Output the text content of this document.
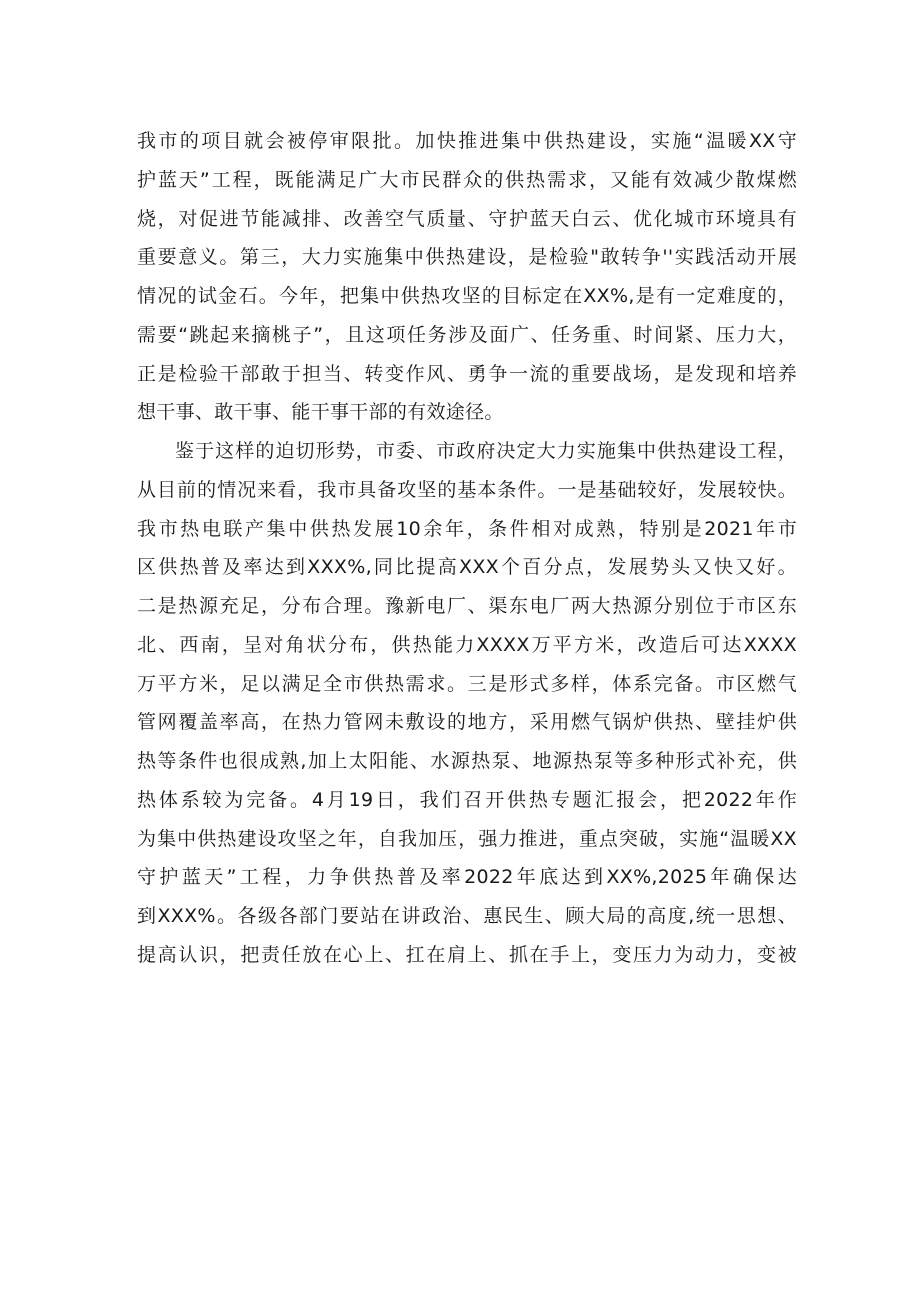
我市的项目就会被停审限批。加快推进集中供热建设，实施“温暖XX守
护蓝天”工程，既能满足广大市民群众的供热需求，又能有效减少散煤燃
烧，对促进节能减排、改善空气质量、守护蓝天白云、优化城市环境具有
重要意义。第三，大力实施集中供热建设，是检验"敢转争''实践活动开展
情况的试金石。今年，把集中供热攻坚的目标定在XX%,是有一定难度的，
需要“跳起来摘桃子”，且这项任务涉及面广、任务重、时间紧、压力大，
正是检验干部敢于担当、转变作风、勇争一流的重要战场，是发现和培养
想干事、敢干事、能干事干部的有效途径。
鉴于这样的迫切形势，市委、市政府决定大力实施集中供热建设工程，
从目前的情况来看，我市具备攻坚的基本条件。一是基础较好，发展较快。
我市热电联产集中供热发展10余年，条件相对成熟，特别是2021年市
区供热普及率达到XXX%,同比提高XXX个百分点，发展势头又快又好。
二是热源充足，分布合理。豫新电厂、渠东电厂两大热源分别位于市区东
北、西南，呈对角状分布，供热能力XXXX万平方米，改造后可达XXXX
万平方米，足以满足全市供热需求。三是形式多样，体系完备。市区燃气
管网覆盖率高，在热力管网未敷设的地方，采用燃气锅炉供热、壁挂炉供
热等条件也很成熟,加上太阳能、水源热泵、地源热泵等多种形式补充，供
热体系较为完备。4月19日，我们召开供热专题汇报会，把2022年作
为集中供热建设攻坚之年，自我加压，强力推进，重点突破，实施“温暖XX
守护蓝天”工程，力争供热普及率2022年底达到XX%,2025年确保达
到XXX%。各级各部门要站在讲政治、惠民生、顾大局的高度,统一思想、
提高认识，把责任放在心上、扛在肩上、抓在手上，变压力为动力，变被
